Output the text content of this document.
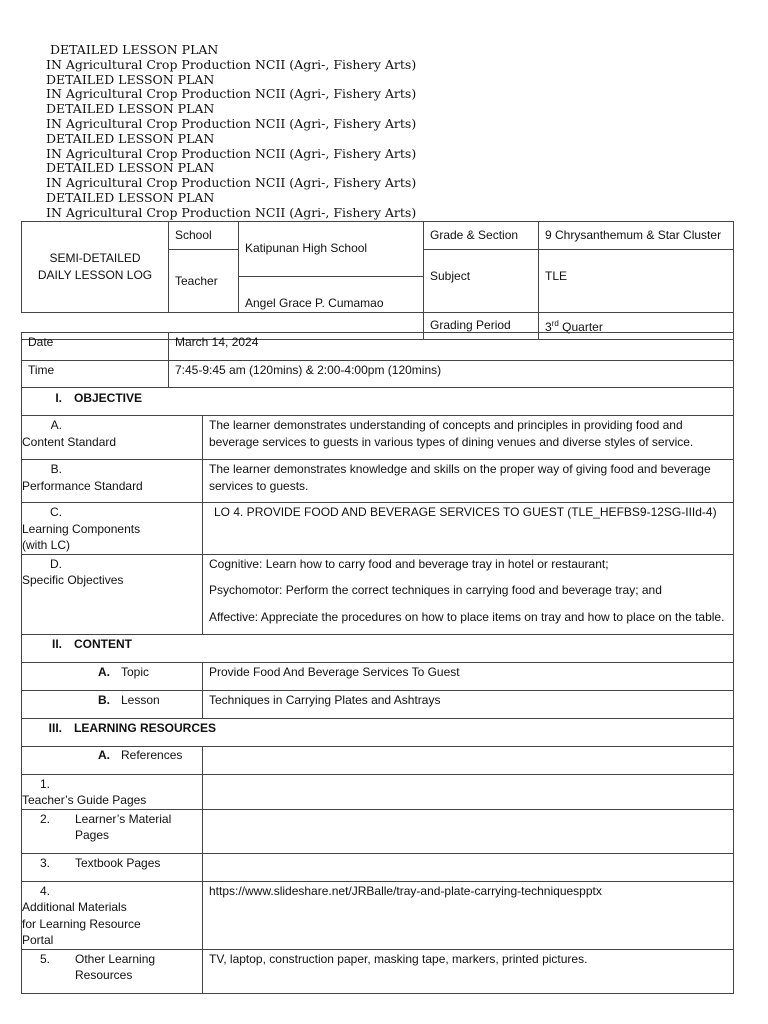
DETAILED LESSON PLAN
IN Agricultural Crop Production NCII (Agri-, Fishery Arts)
DETAILED LESSON PLAN
IN Agricultural Crop Production NCII (Agri-, Fishery Arts)
DETAILED LESSON PLAN
IN Agricultural Crop Production NCII (Agri-, Fishery Arts)
DETAILED LESSON PLAN
IN Agricultural Crop Production NCII (Agri-, Fishery Arts)
DETAILED LESSON PLAN
IN Agricultural Crop Production NCII (Agri-, Fishery Arts)
DETAILED LESSON PLAN
IN Agricultural Crop Production NCII (Agri-, Fishery Arts)
SEMI-DETAILED DAILY LESSON LOG	School	Katipunan High School	Grade & Section	9 Chrysanthemum & Star Cluster
	Teacher		Subject	TLE
		Angel Grace P. Cumamao		
			Grading Period	3rd Quarter
Date	March 14, 2024	
Time	7:45-9:45 am (120mins) & 2:00-4:00pm (120mins)	
I. OBJECTIVE		
A.Content Standard		The learner demonstrates understanding of concepts and principles in providing food and beverage services to guests in various types of dining venues and diverse styles of service.
B.Performance Standard		The learner demonstrates knowledge and skills on the proper way of giving food and beverage services to guests.
C.Learning Components (with LC)		LO 4. PROVIDE FOOD AND BEVERAGE SERVICES TO GUEST (TLE_HEFBS9-12SG-IIId-4)
D.Specific Objectives		Cognitive: Learn how to carry food and beverage tray in hotel or restaurant;
Psychomotor: Perform the correct techniques in carrying food and beverage tray; and
Affective: Appreciate the procedures on how to place items on tray and how to place on the table.

II. CONTENT		
A. Topic		Provide Food And Beverage Services To Guest
B. Lesson		Techniques in Carrying Plates and Ashtrays
III. LEARNING RESOURCES		
A. References		
1.Teacher’s Guide Pages		
2. Learner’s Material Pages		
3. Textbook Pages		
4.Additional Materials for Learning Resource Portal		https://www.slideshare.net/JRBalle/tray-and-plate-carrying-techniquespptx
5. Other Learning Resources		TV, laptop, construction paper, masking tape, markers, printed pictures.
